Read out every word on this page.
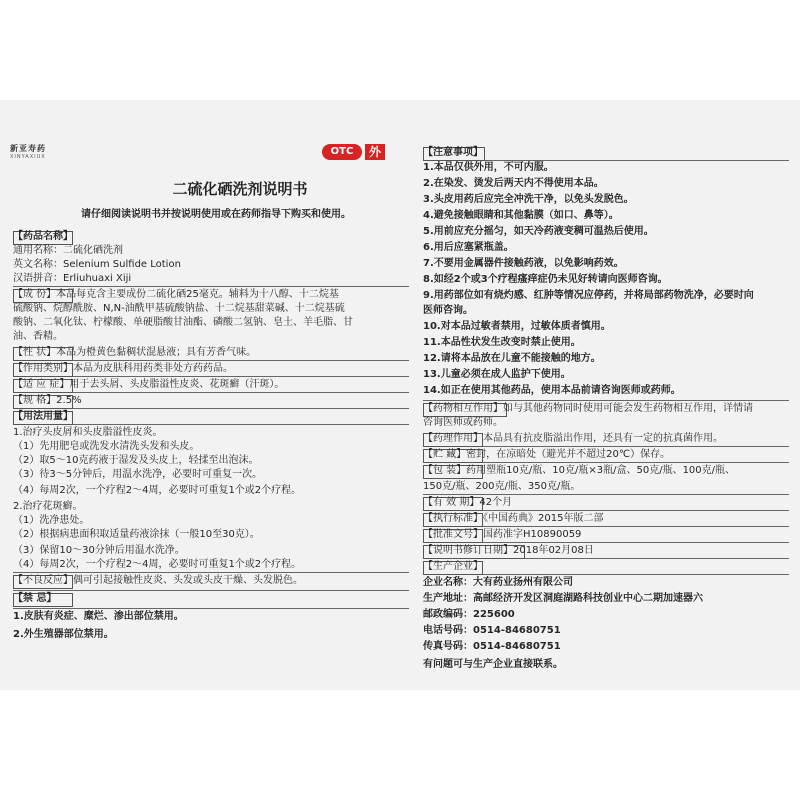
新亚寿药
XINYAXIUX	OTC	外
二硫化硒洗剂说明书
请仔细阅读说明书并按说明使用或在药师指导下购买和使用。
【药品名称】
通用名称：二硫化硒洗剂
英文名称：Selenium Sulfide Lotion
汉语拼音：Erliuhuaxi Xiji
【成 份】本品每克含主要成份二硫化硒25毫克。辅料为十八醇、十二烷基
硫酸钠、烷醇酰胺、N,N-油酰甲基硫酸钠盐、十二烷基甜菜碱、十二烷基硫
酸钠、二氧化钛、柠檬酸、单硬脂酸甘油酯、磷酸二氢钠、皂土、羊毛脂、甘
油、香精。
【性 状】本品为橙黄色黏稠状混悬液；具有芳香气味。
【作用类别】本品为皮肤科用药类非处方药药品。
【适 应 症】用于去头屑、头皮脂溢性皮炎、花斑癣（汗斑）。
【规 格】2.5%
【用法用量】
1.治疗头皮屑和头皮脂溢性皮炎。
（1）先用肥皂或洗发水清洗头发和头皮。
（2）取5～10克药液于湿发及头皮上，轻揉至出泡沫。
（3）待3～5分钟后，用温水洗净，必要时可重复一次。
（4）每周2次，一个疗程2～4周，必要时可重复1个或2个疗程。
2.治疗花斑癣。
（1）洗净患处。
（2）根据病患面积取适量药液涂抹（一般10至30克）。
（3）保留10～30分钟后用温水洗净。
（4）每周2次，一个疗程2～4周，必要时可重复1个或2个疗程。
【不良反应】偶可引起接触性皮炎、头发或头皮干燥、头发脱色。
【禁 忌】
1.皮肤有炎症、糜烂、渗出部位禁用。
2.外生殖器部位禁用。
【注意事项】
1.本品仅供外用，不可内服。
2.在染发、烫发后两天内不得使用本品。
3.头皮用药后应完全冲洗干净，以免头发脱色。
4.避免接触眼睛和其他黏膜（如口、鼻等）。
5.用前应充分摇匀，如天冷药液变稠可温热后使用。
6.用后应塞紧瓶盖。
7.不要用金属器件接触药液，以免影响药效。
8.如经2个或3个疗程瘙痒症仍未见好转请向医师咨询。
9.用药部位如有烧灼感、红肿等情况应停药，并将局部药物洗净，必要时向
医师咨询。
10.对本品过敏者禁用，过敏体质者慎用。
11.本品性状发生改变时禁止使用。
12.请将本品放在儿童不能接触的地方。
13.儿童必须在成人监护下使用。
14.如正在使用其他药品，使用本品前请咨询医师或药师。
【药物相互作用】如与其他药物同时使用可能会发生药物相互作用，详情请
咨询医师或药师。
【药理作用】本品具有抗皮脂溢出作用，还具有一定的抗真菌作用。
【贮 藏】密封，在凉暗处（避光并不超过20℃）保存。
【包 装】药用塑瓶10克/瓶、10克/瓶×3瓶/盒、50克/瓶、100克/瓶、
150克/瓶、200克/瓶、350克/瓶。
【有 效 期】42个月
【执行标准】《中国药典》2015年版二部
【批准文号】国药准字H10890059
【说明书修订日期】2018年02月08日
【生产企业】
企业名称：大有药业扬州有限公司
生产地址：高邮经济开发区洞庭湖路科技创业中心二期加速器六
邮政编码：225600
电话号码：0514-84680751
传真号码：0514-84680751
有问题可与生产企业直接联系。
